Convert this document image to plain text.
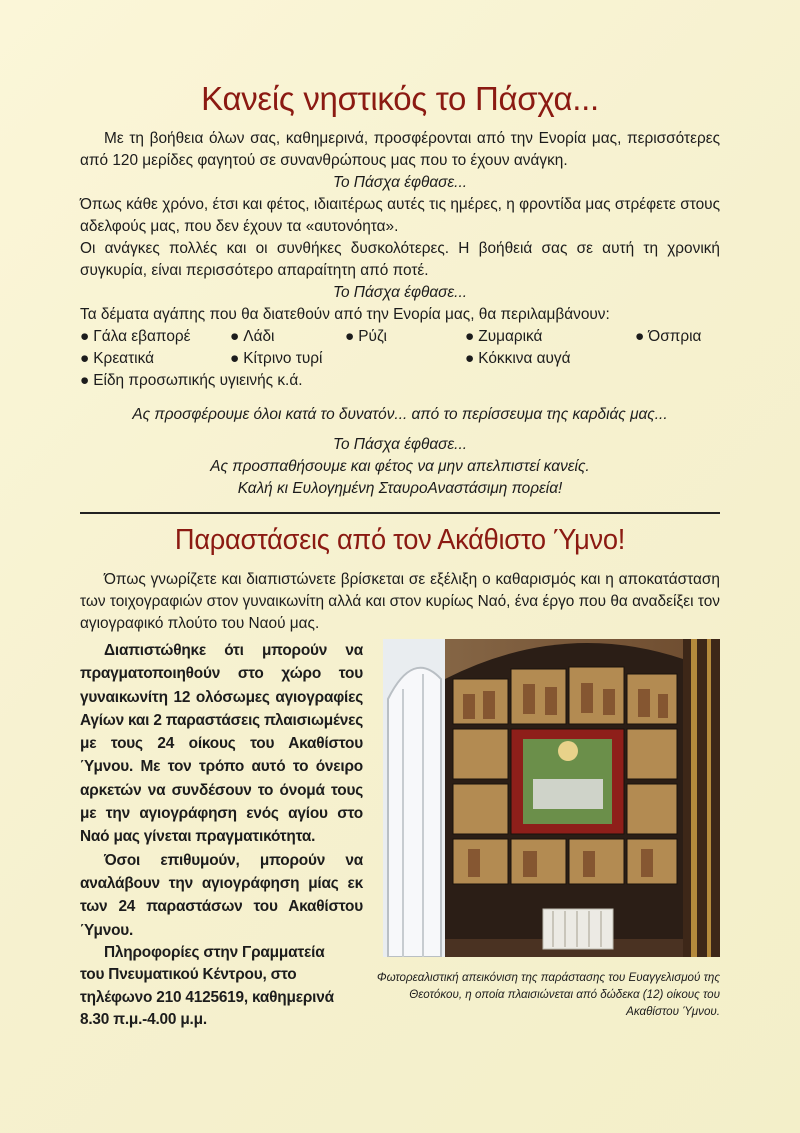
Κανείς νηστικός το Πάσχα...

Με τη βοήθεια όλων σας, καθημερινά, προσφέρονται από την Ενορία μας, περισσότερες από 120 μερίδες φαγητού σε συνανθρώπους μας που το έχουν ανάγκη.

Το Πάσχα έφθασε...

Όπως κάθε χρόνο, έτσι και φέτος, ιδιαιτέρως αυτές τις ημέρες, η φροντίδα μας στρέφετε στους αδελφούς μας, που δεν έχουν τα «αυτονόητα».

Οι ανάγκες πολλές και οι συνθήκες δυσκολότερες. Η βοήθειά σας σε αυτή τη χρονική συγκυρία, είναι περισσότερο απαραίτητη από ποτέ.

Το Πάσχα έφθασε...

Τα δέματα αγάπης που θα διατεθούν από την Ενορία μας, θα περιλαμβάνουν:

● Γάλα εβαπορέ	● Λάδι	● Ρύζι	● Ζυμαρικά	● Όσπρια
● Κρεατικά	● Κίτρινο τυρί	● Κόκκινα αυγά
● Είδη προσωπικής υγιεινής κ.ά.

Ας προσφέρουμε όλοι κατά το δυνατόν... από το περίσσευμα της καρδιάς μας...

Το Πάσχα έφθασε...

Ας προσπαθήσουμε και φέτος να μην απελπιστεί κανείς.

Καλή κι Ευλογημένη ΣταυροΑναστάσιμη πορεία!

Παραστάσεις από τον Ακάθιστο Ύμνο!

Όπως γνωρίζετε και διαπιστώνετε βρίσκεται σε εξέλιξη ο καθαρισμός και η αποκατάσταση των τοιχογραφιών στον γυναικωνίτη αλλά και στον κυρίως Ναό, ένα έργο που θα αναδείξει τον αγιογραφικό πλούτο του Ναού μας.

Διαπιστώθηκε ότι μπορούν να πραγματοποιηθούν στο χώρο του γυναικωνίτη 12 ολόσωμες αγιογραφίες Αγίων και 2 παραστάσεις πλαισιωμένες με τους 24 οίκους του Ακαθίστου Ύμνου. Με τον τρόπο αυτό το όνειρο αρκετών να συνδέσουν το όνομά τους με την αγιογράφηση ενός αγίου στο Ναό μας γίνεται πραγματικότητα.

Όσοι επιθυμούν, μπορούν να αναλάβουν την αγιογράφηση μίας εκ των 24 παραστάσων του Ακαθίστου Ύμνου.

Πληροφορίες στην Γραμματεία του Πνευματικού Κέντρου, στο τηλέφωνο 210 4125619, καθημερινά 8.30 π.μ.-4.00 μ.μ.

Φωτορεαλιστική απεικόνιση της παράστασης του Ευαγγελισμού της Θεοτόκου, η οποία πλαισιώνεται από δώδεκα (12) οίκους του Ακαθίστου Ύμνου.
